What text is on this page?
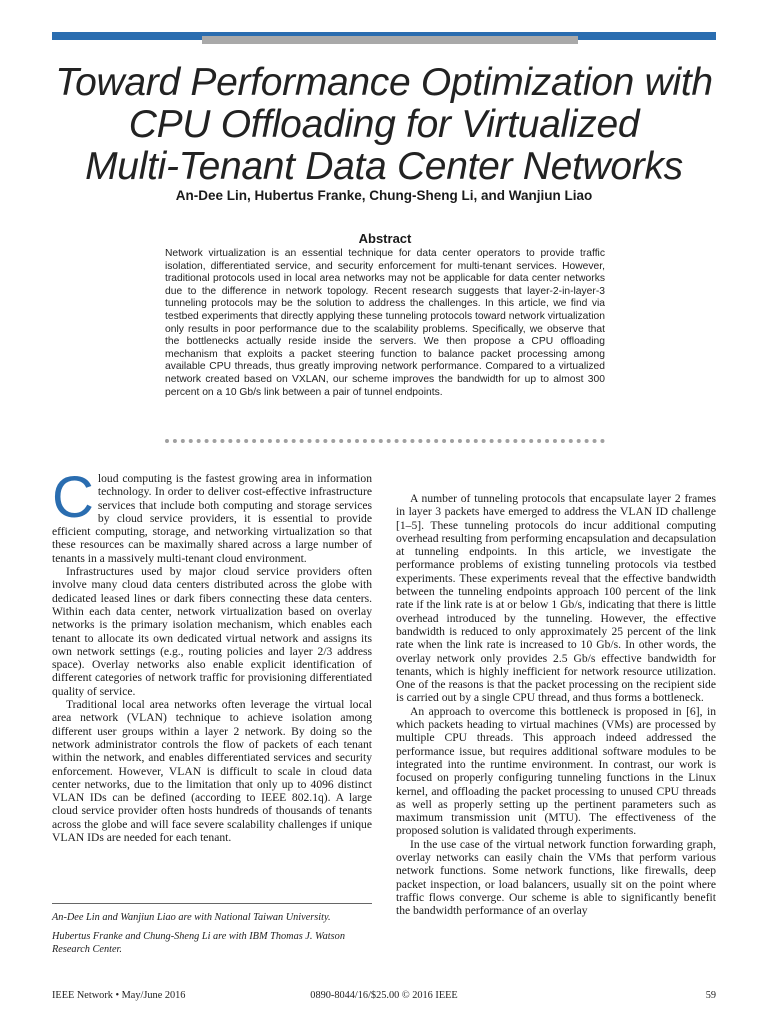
Toward Performance Optimization with
CPU Offloading for Virtualized
Multi-Tenant Data Center Networks

An-Dee Lin, Hubertus Franke, Chung-Sheng Li, and Wanjiun Liao

Abstract

Network virtualization is an essential technique for data center operators to provide traffic isolation, differentiated service, and security enforcement for multi-tenant services. However, traditional protocols used in local area networks may not be applicable for data center networks due to the difference in network topology. Recent research suggests that layer-2-in-layer-3 tunneling protocols may be the solution to address the challenges. In this article, we find via testbed experiments that directly applying these tunneling protocols toward network virtualization only results in poor performance due to the scalability problems. Specifically, we observe that the bottlenecks actually reside inside the servers. We then propose a CPU offloading mechanism that exploits a packet steering function to balance packet processing among available CPU threads, thus greatly improving network performance. Compared to a virtualized network created based on VXLAN, our scheme improves the bandwidth for up to almost 300 percent on a 10 Gb/s link between a pair of tunnel endpoints.

Cloud computing is the fastest growing area in information technology. In order to deliver cost-effective infrastructure services that include both computing and storage services by cloud service providers, it is essential to provide efficient computing, storage, and networking virtualization so that these resources can be maximally shared across a large number of tenants in a massively multi-tenant cloud environment.

Infrastructures used by major cloud service providers often involve many cloud data centers distributed across the globe with dedicated leased lines or dark fibers connecting these data centers. Within each data center, network virtualization based on overlay networks is the primary isolation mechanism, which enables each tenant to allocate its own dedicated virtual network and assigns its own network settings (e.g., routing policies and layer 2/3 address space). Overlay networks also enable explicit identification of different categories of network traffic for provisioning differentiated quality of service.

Traditional local area networks often leverage the virtual local area network (VLAN) technique to achieve isolation among different user groups within a layer 2 network. By doing so the network administrator controls the flow of packets of each tenant within the network, and enables differentiated services and security enforcement. However, VLAN is difficult to scale in cloud data center networks, due to the limitation that only up to 4096 distinct VLAN IDs can be defined (according to IEEE 802.1q). A large cloud service provider often hosts hundreds of thousands of tenants across the globe and will face severe scalability challenges if unique VLAN IDs are needed for each tenant.

A number of tunneling protocols that encapsulate layer 2 frames in layer 3 packets have emerged to address the VLAN ID challenge [1–5]. These tunneling protocols do incur additional computing overhead resulting from performing encapsulation and decapsulation at tunneling endpoints. In this article, we investigate the performance problems of existing tunneling protocols via testbed experiments. These experiments reveal that the effective bandwidth between the tunneling endpoints approach 100 percent of the link rate if the link rate is at or below 1 Gb/s, indicating that there is little overhead introduced by the tunneling. However, the effective bandwidth is reduced to only approximately 25 percent of the link rate when the link rate is increased to 10 Gb/s. In other words, the overlay network only provides 2.5 Gb/s effective bandwidth for tenants, which is highly inefficient for network resource utilization. One of the reasons is that the packet processing on the recipient side is carried out by a single CPU thread, and thus forms a bottleneck.

An approach to overcome this bottleneck is proposed in [6], in which packets heading to virtual machines (VMs) are processed by multiple CPU threads. This approach indeed addressed the performance issue, but requires additional software modules to be integrated into the runtime environment. In contrast, our work is focused on properly configuring tunneling functions in the Linux kernel, and offloading the packet processing to unused CPU threads as well as properly setting up the pertinent parameters such as maximum transmission unit (MTU). The effectiveness of the proposed solution is validated through experiments.

In the use case of the virtual network function forwarding graph, overlay networks can easily chain the VMs that perform various network functions. Some network functions, like firewalls, deep packet inspection, or load balancers, usually sit on the point where traffic flows converge. Our scheme is able to significantly benefit the bandwidth performance of an overlay

An-Dee Lin and Wanjiun Liao are with National Taiwan University.

Hubertus Franke and Chung-Sheng Li are with IBM Thomas J. Watson Research Center.

IEEE Network • May/June 2016	0890-8044/16/$25.00 © 2016 IEEE	59
